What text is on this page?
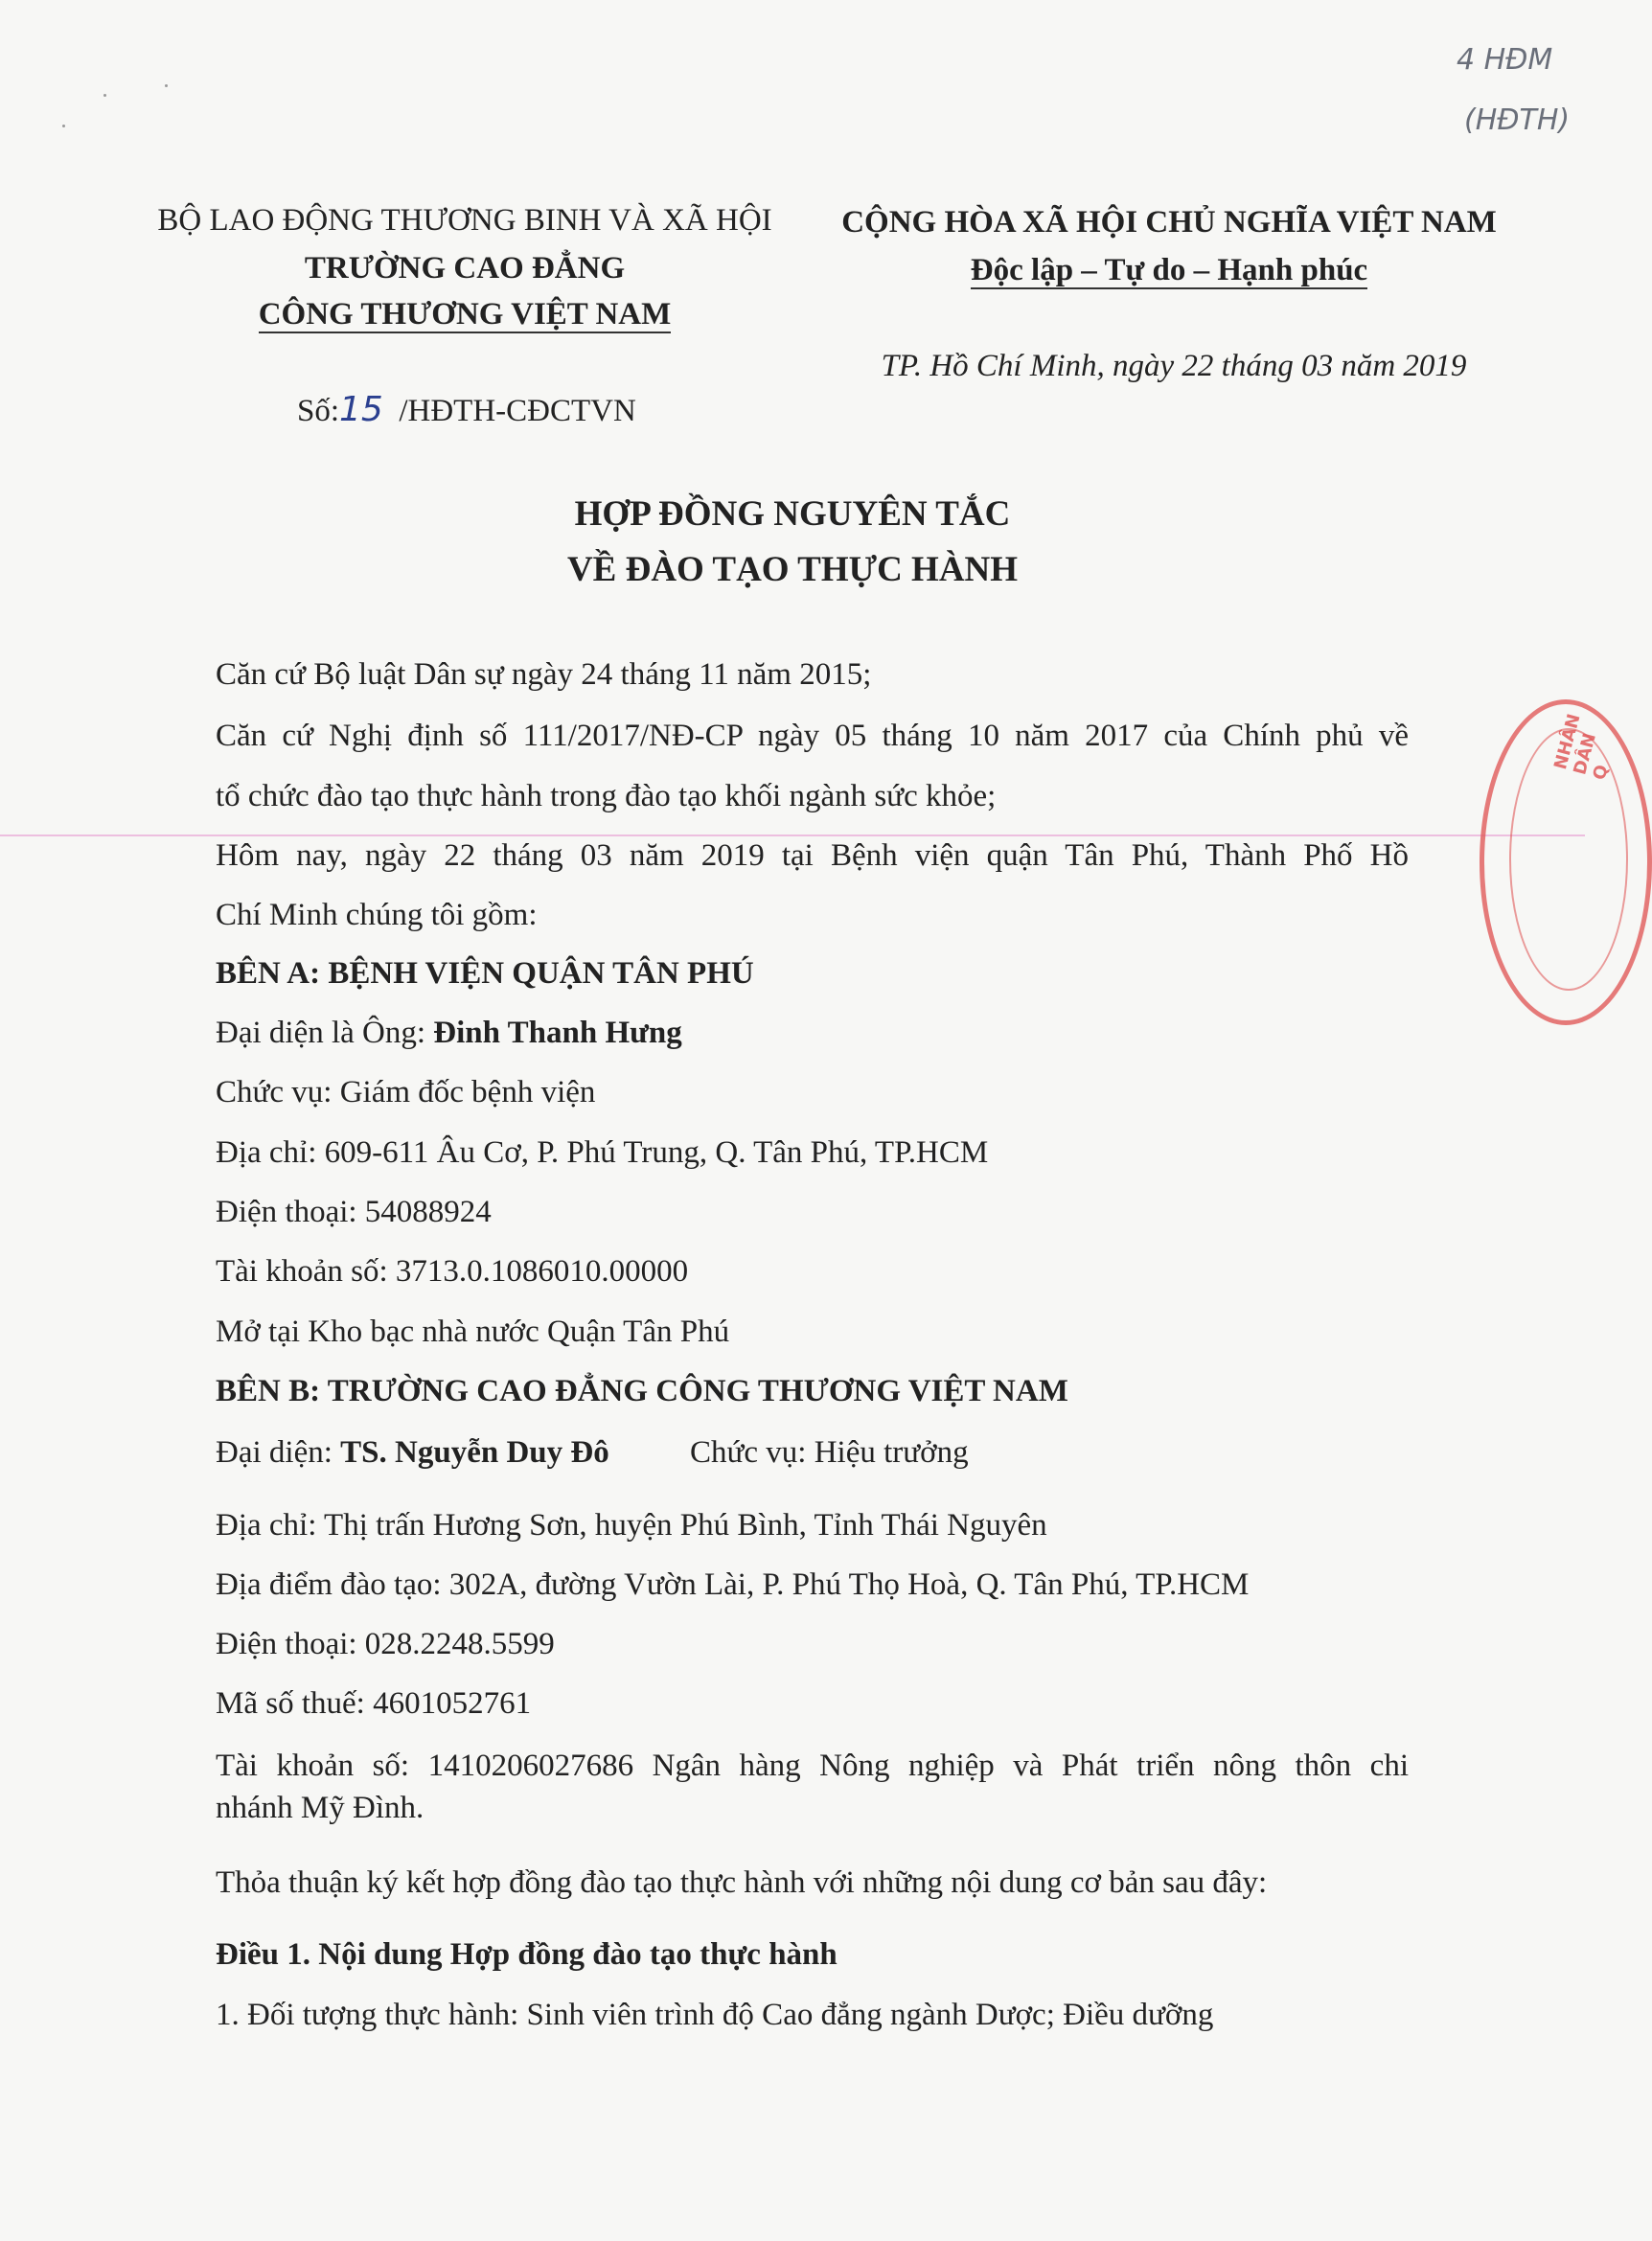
4 HĐM
(HĐTH)
BỘ LAO ĐỘNG THƯƠNG BINH VÀ XÃ HỘI
TRƯỜNG CAO ĐẲNG
CÔNG THƯƠNG VIỆT NAM
Số:15 /HĐTH-CĐCTVN
CỘNG HÒA XÃ HỘI CHỦ NGHĨA VIỆT NAM
Độc lập – Tự do – Hạnh phúc
TP. Hồ Chí Minh, ngày 22 tháng 03 năm 2019
HỢP ĐỒNG NGUYÊN TẮC
VỀ ĐÀO TẠO THỰC HÀNH
Căn cứ Bộ luật Dân sự ngày 24 tháng 11 năm 2015;
Căn cứ Nghị định số 111/2017/NĐ-CP ngày 05 tháng 10 năm 2017 của Chính phủ về
tổ chức đào tạo thực hành trong đào tạo khối ngành sức khỏe;
Hôm nay, ngày 22 tháng 03 năm 2019 tại Bệnh viện quận Tân Phú, Thành Phố Hồ
Chí Minh chúng tôi gồm:
BÊN A: BỆNH VIỆN QUẬN TÂN PHÚ
Đại diện là Ông: Đinh Thanh Hưng
Chức vụ: Giám đốc bệnh viện
Địa chỉ: 609-611 Âu Cơ, P. Phú Trung, Q. Tân Phú, TP.HCM
Điện thoại: 54088924
Tài khoản số: 3713.0.1086010.00000
Mở tại Kho bạc nhà nước Quận Tân Phú
BÊN B: TRƯỜNG CAO ĐẲNG CÔNG THƯƠNG VIỆT NAM
Đại diện: TS. Nguyễn Duy Đô	Chức vụ: Hiệu trưởng
Địa chỉ: Thị trấn Hương Sơn, huyện Phú Bình, Tỉnh Thái Nguyên
Địa điểm đào tạo: 302A, đường Vườn Lài, P. Phú Thọ Hoà, Q. Tân Phú, TP.HCM
Điện thoại: 028.2248.5599
Mã số thuế: 4601052761
Tài khoản số: 1410206027686 Ngân hàng Nông nghiệp và Phát triển nông thôn chi
nhánh Mỹ Đình.
Thỏa thuận ký kết hợp đồng đào tạo thực hành với những nội dung cơ bản sau đây:
Điều 1. Nội dung Hợp đồng đào tạo thực hành
1. Đối tượng thực hành: Sinh viên trình độ Cao đẳng ngành Dược; Điều dưỡng
NHÂN DÂN Q
